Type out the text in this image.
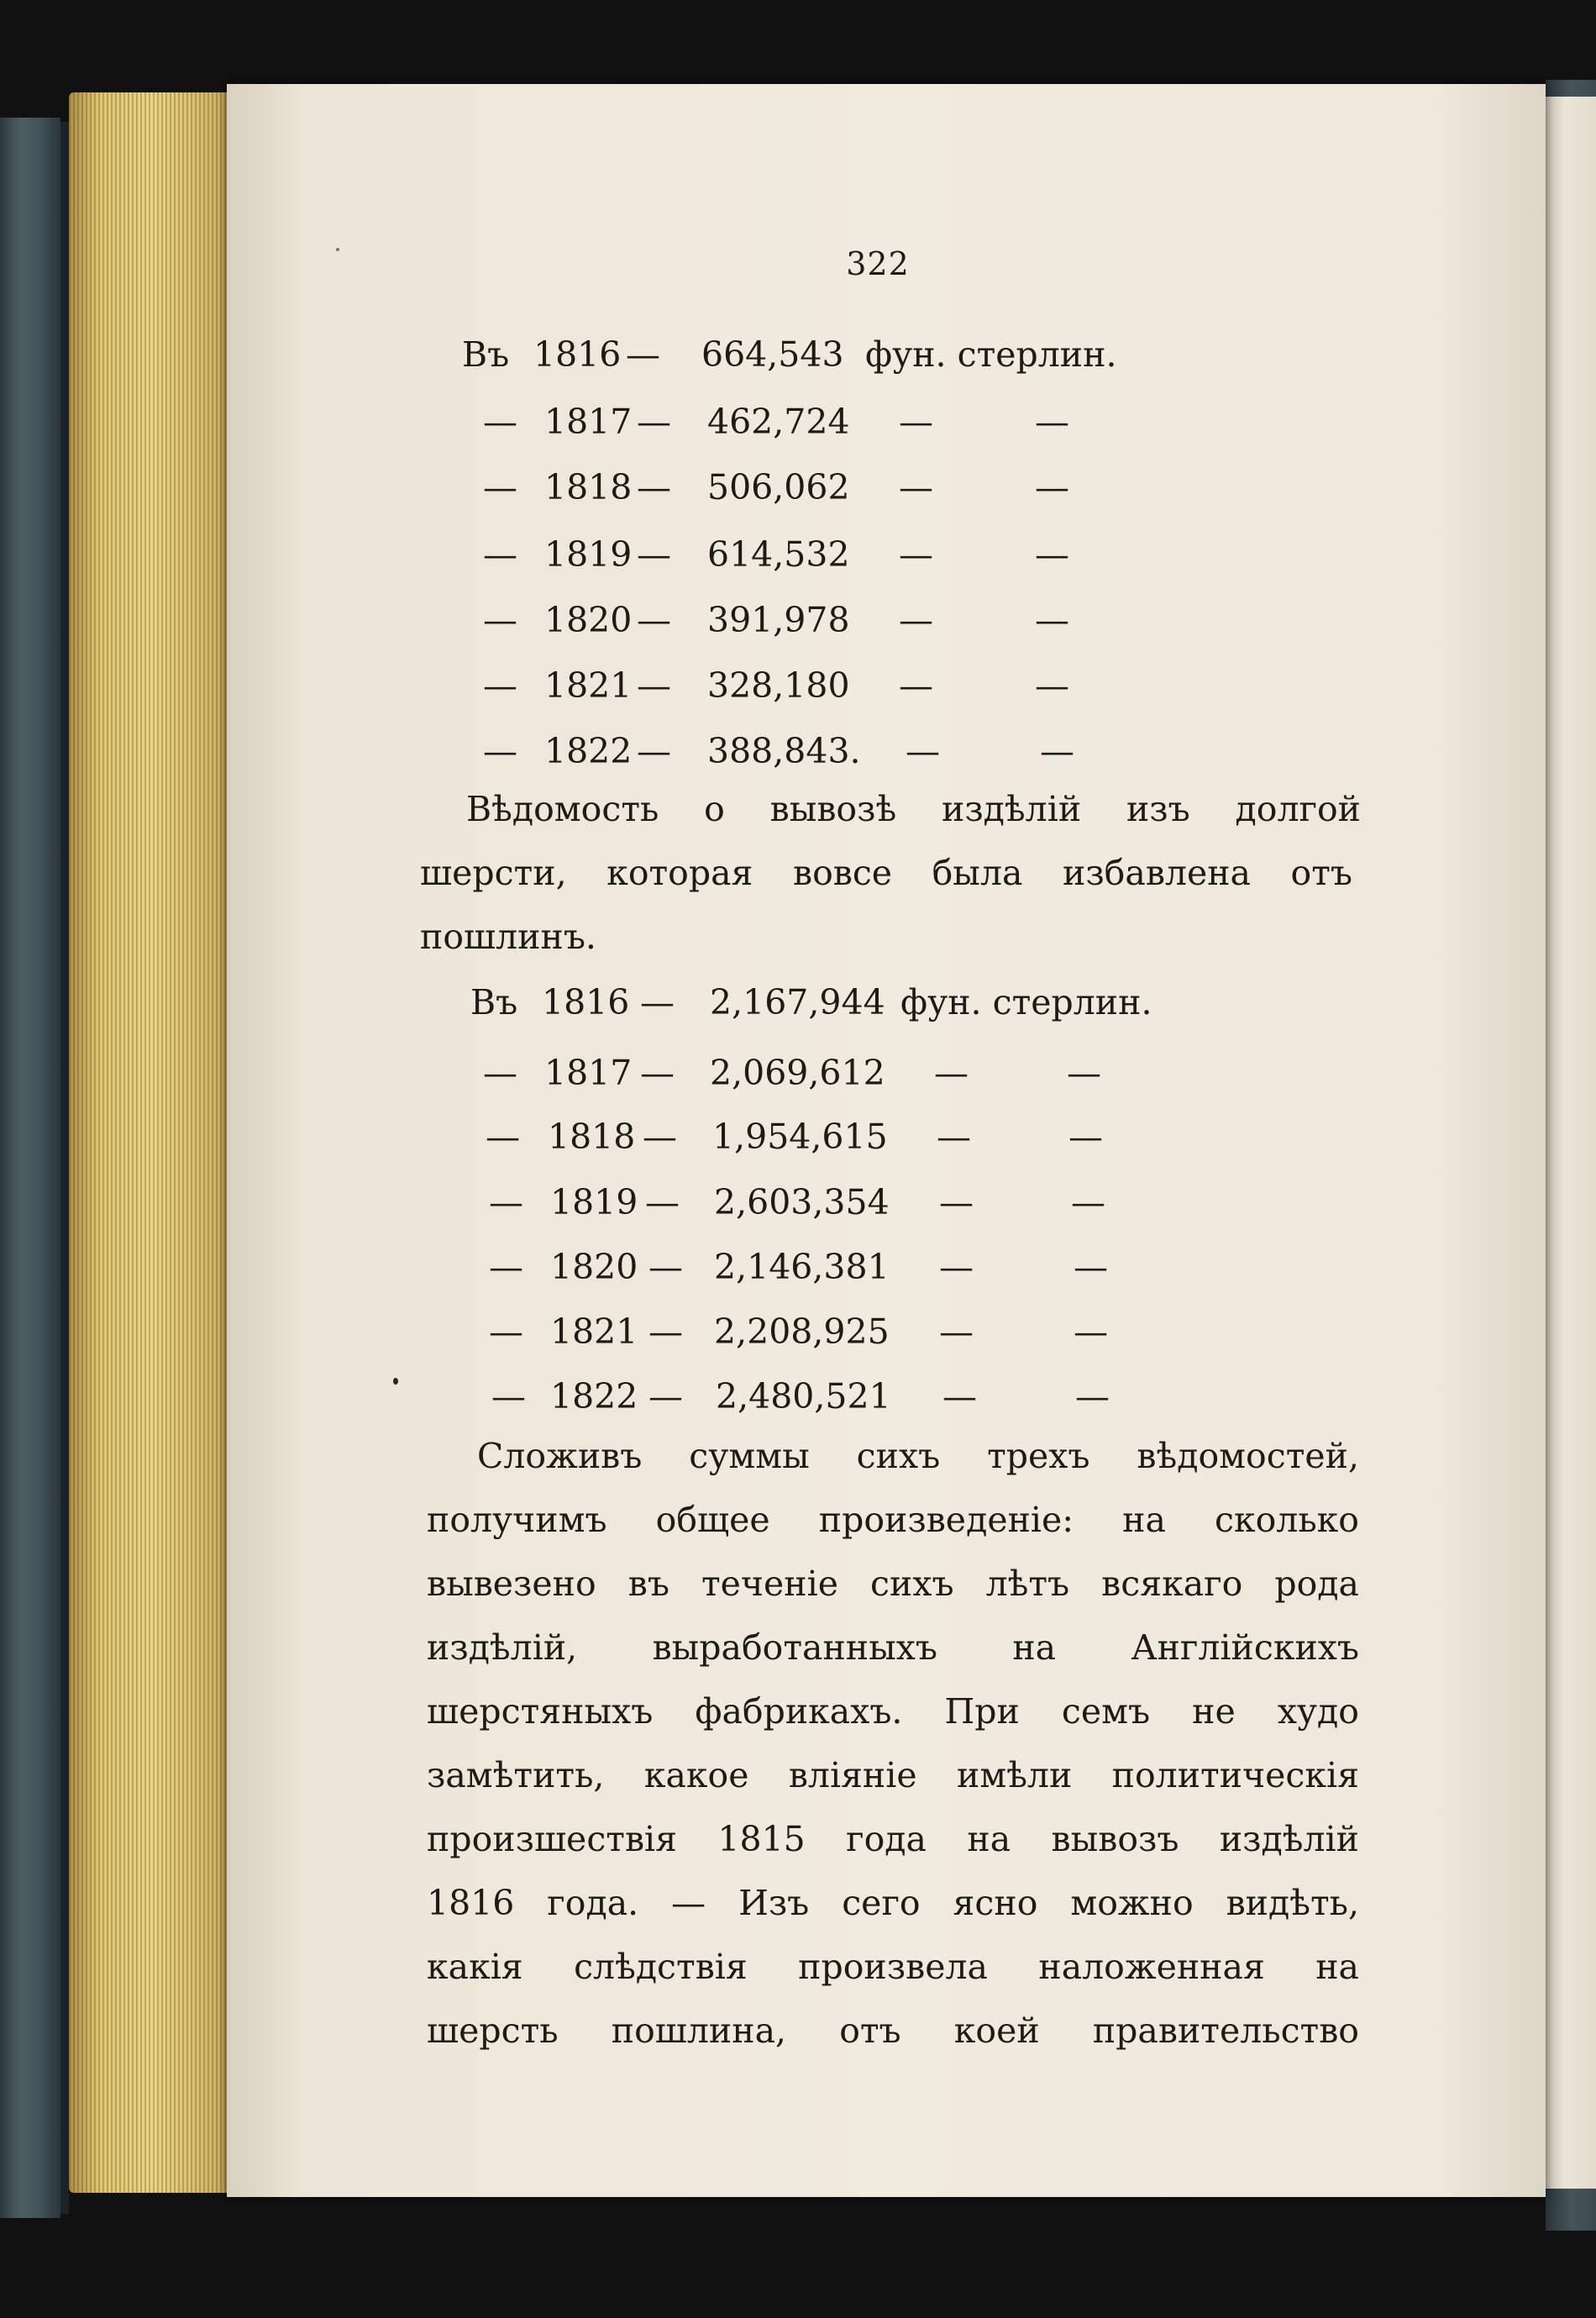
322
Въ 1816 — 664,543 фун. стерлин.
— 1817 — 462,724 —	—
— 1818 — 506,062 —	—
— 1819 — 614,532 —	—
— 1820 — 391,978 —	—
— 1821 — 328,180 —	—
— 1822 — 388,843. —	—
Вѣдомость о вывозѣ издѣлій изъ долгой
шерсти, которая вовсе была избавлена отъ
пошлинъ.
Въ 1816 — 2,167,944 фун. стерлин.
— 1817 — 2,069,612 —	—
— 1818 — 1,954,615 —	—
— 1819 — 2,603,354 —	—
— 1820 — 2,146,381 —	—
— 1821 — 2,208,925 —	—
— 1822 — 2,480,521 —	—
Сложивъ суммы сихъ трехъ вѣдомостей,
получимъ общее произведеніе: на сколько
вывезено въ теченіе сихъ лѣтъ всякаго рода
издѣлій, выработанныхъ на Англійскихъ
шерстяныхъ фабрикахъ. При семъ не худо
замѣтить, какое вліяніе имѣли политическія
произшествія 1815 года на вывозъ издѣлій
1816 года. — Изъ сего ясно можно видѣть,
какія слѣдствія произвела наложенная на
шерсть пошлина, отъ коей правительство
